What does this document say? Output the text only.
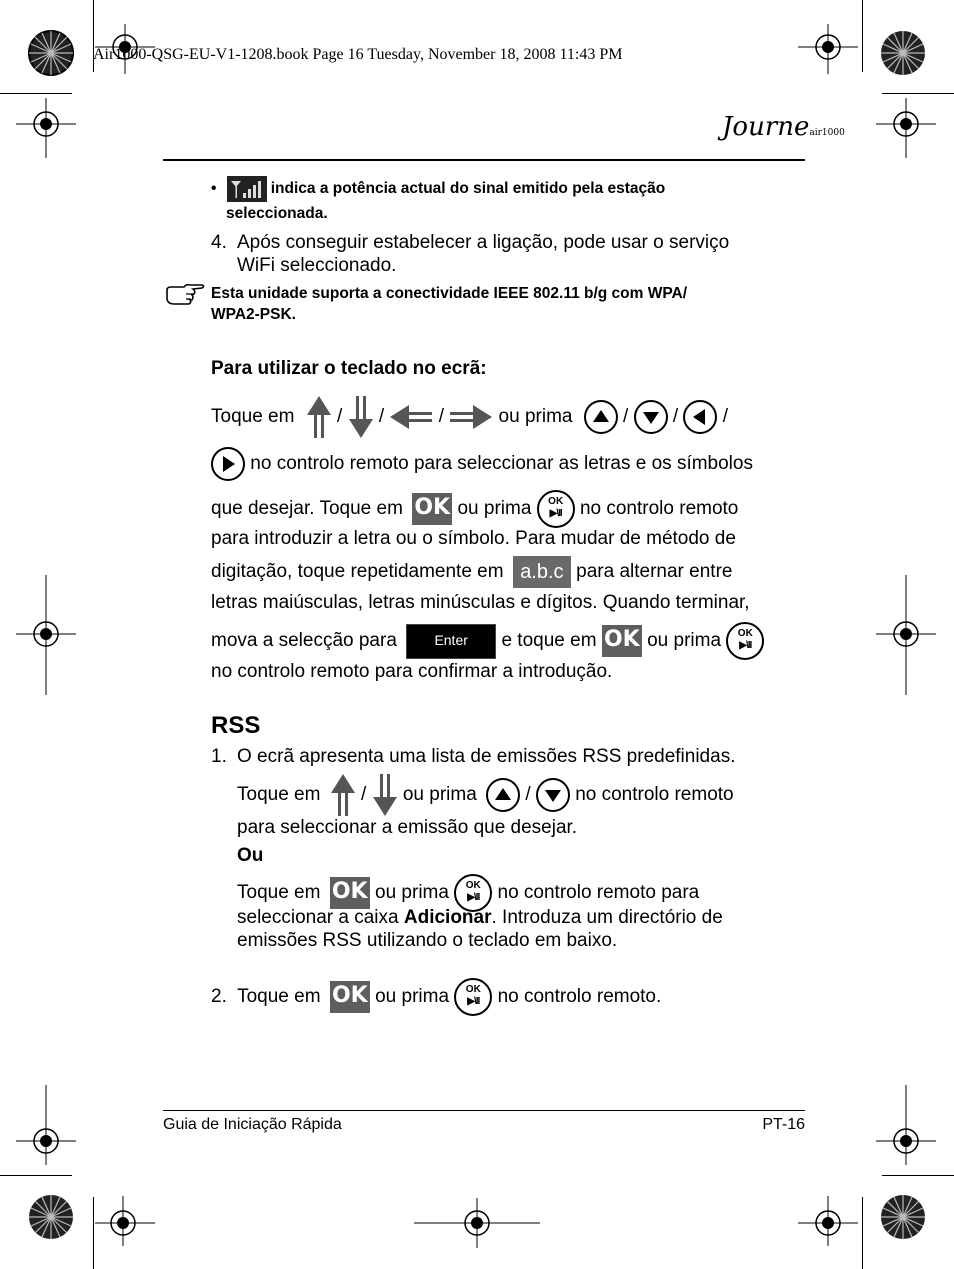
Air1000-QSG-EU-V1-1208.book Page 16 Tuesday, November 18, 2008 11:43 PM
Journeair1000
•	indica a potência actual do sinal emitido pela estação
seleccionada.
4. Após conseguir estabelecer a ligação, pode usar o serviço
WiFi seleccionado.
Esta unidade suporta a conectividade IEEE 802.11 b/g com WPA/
WPA2-PSK.
Para utilizar o teclado no ecrã:
Toque em / /	/	ou prima	/ / /
no controlo remoto para seleccionar as letras e os símbolos
que desejar. Toque em OK ou prima	OK
▶\II no controlo remoto
para introduzir a letra ou o símbolo. Para mudar de método de
digitação, toque repetidamente em a.b.c para alternar entre
letras maiúsculas, letras minúsculas e dígitos. Quando terminar,
mova a selecção para	Enter e toque em OK ou prima	OK
▶\II
no controlo remoto para confirmar a introdução.
RSS
1. O ecrã apresenta uma lista de emissões RSS predefinidas.
Toque em / ou prima	/ no controlo remoto
para seleccionar a emissão que desejar.
Ou
Toque em OK ou prima	OK
▶\II no controlo remoto para
seleccionar a caixa Adicionar. Introduza um directório de
emissões RSS utilizando o teclado em baixo.
2. Toque em OK ou prima	OK
▶\II no controlo remoto.
Guia de Iniciação Rápida	PT-16
